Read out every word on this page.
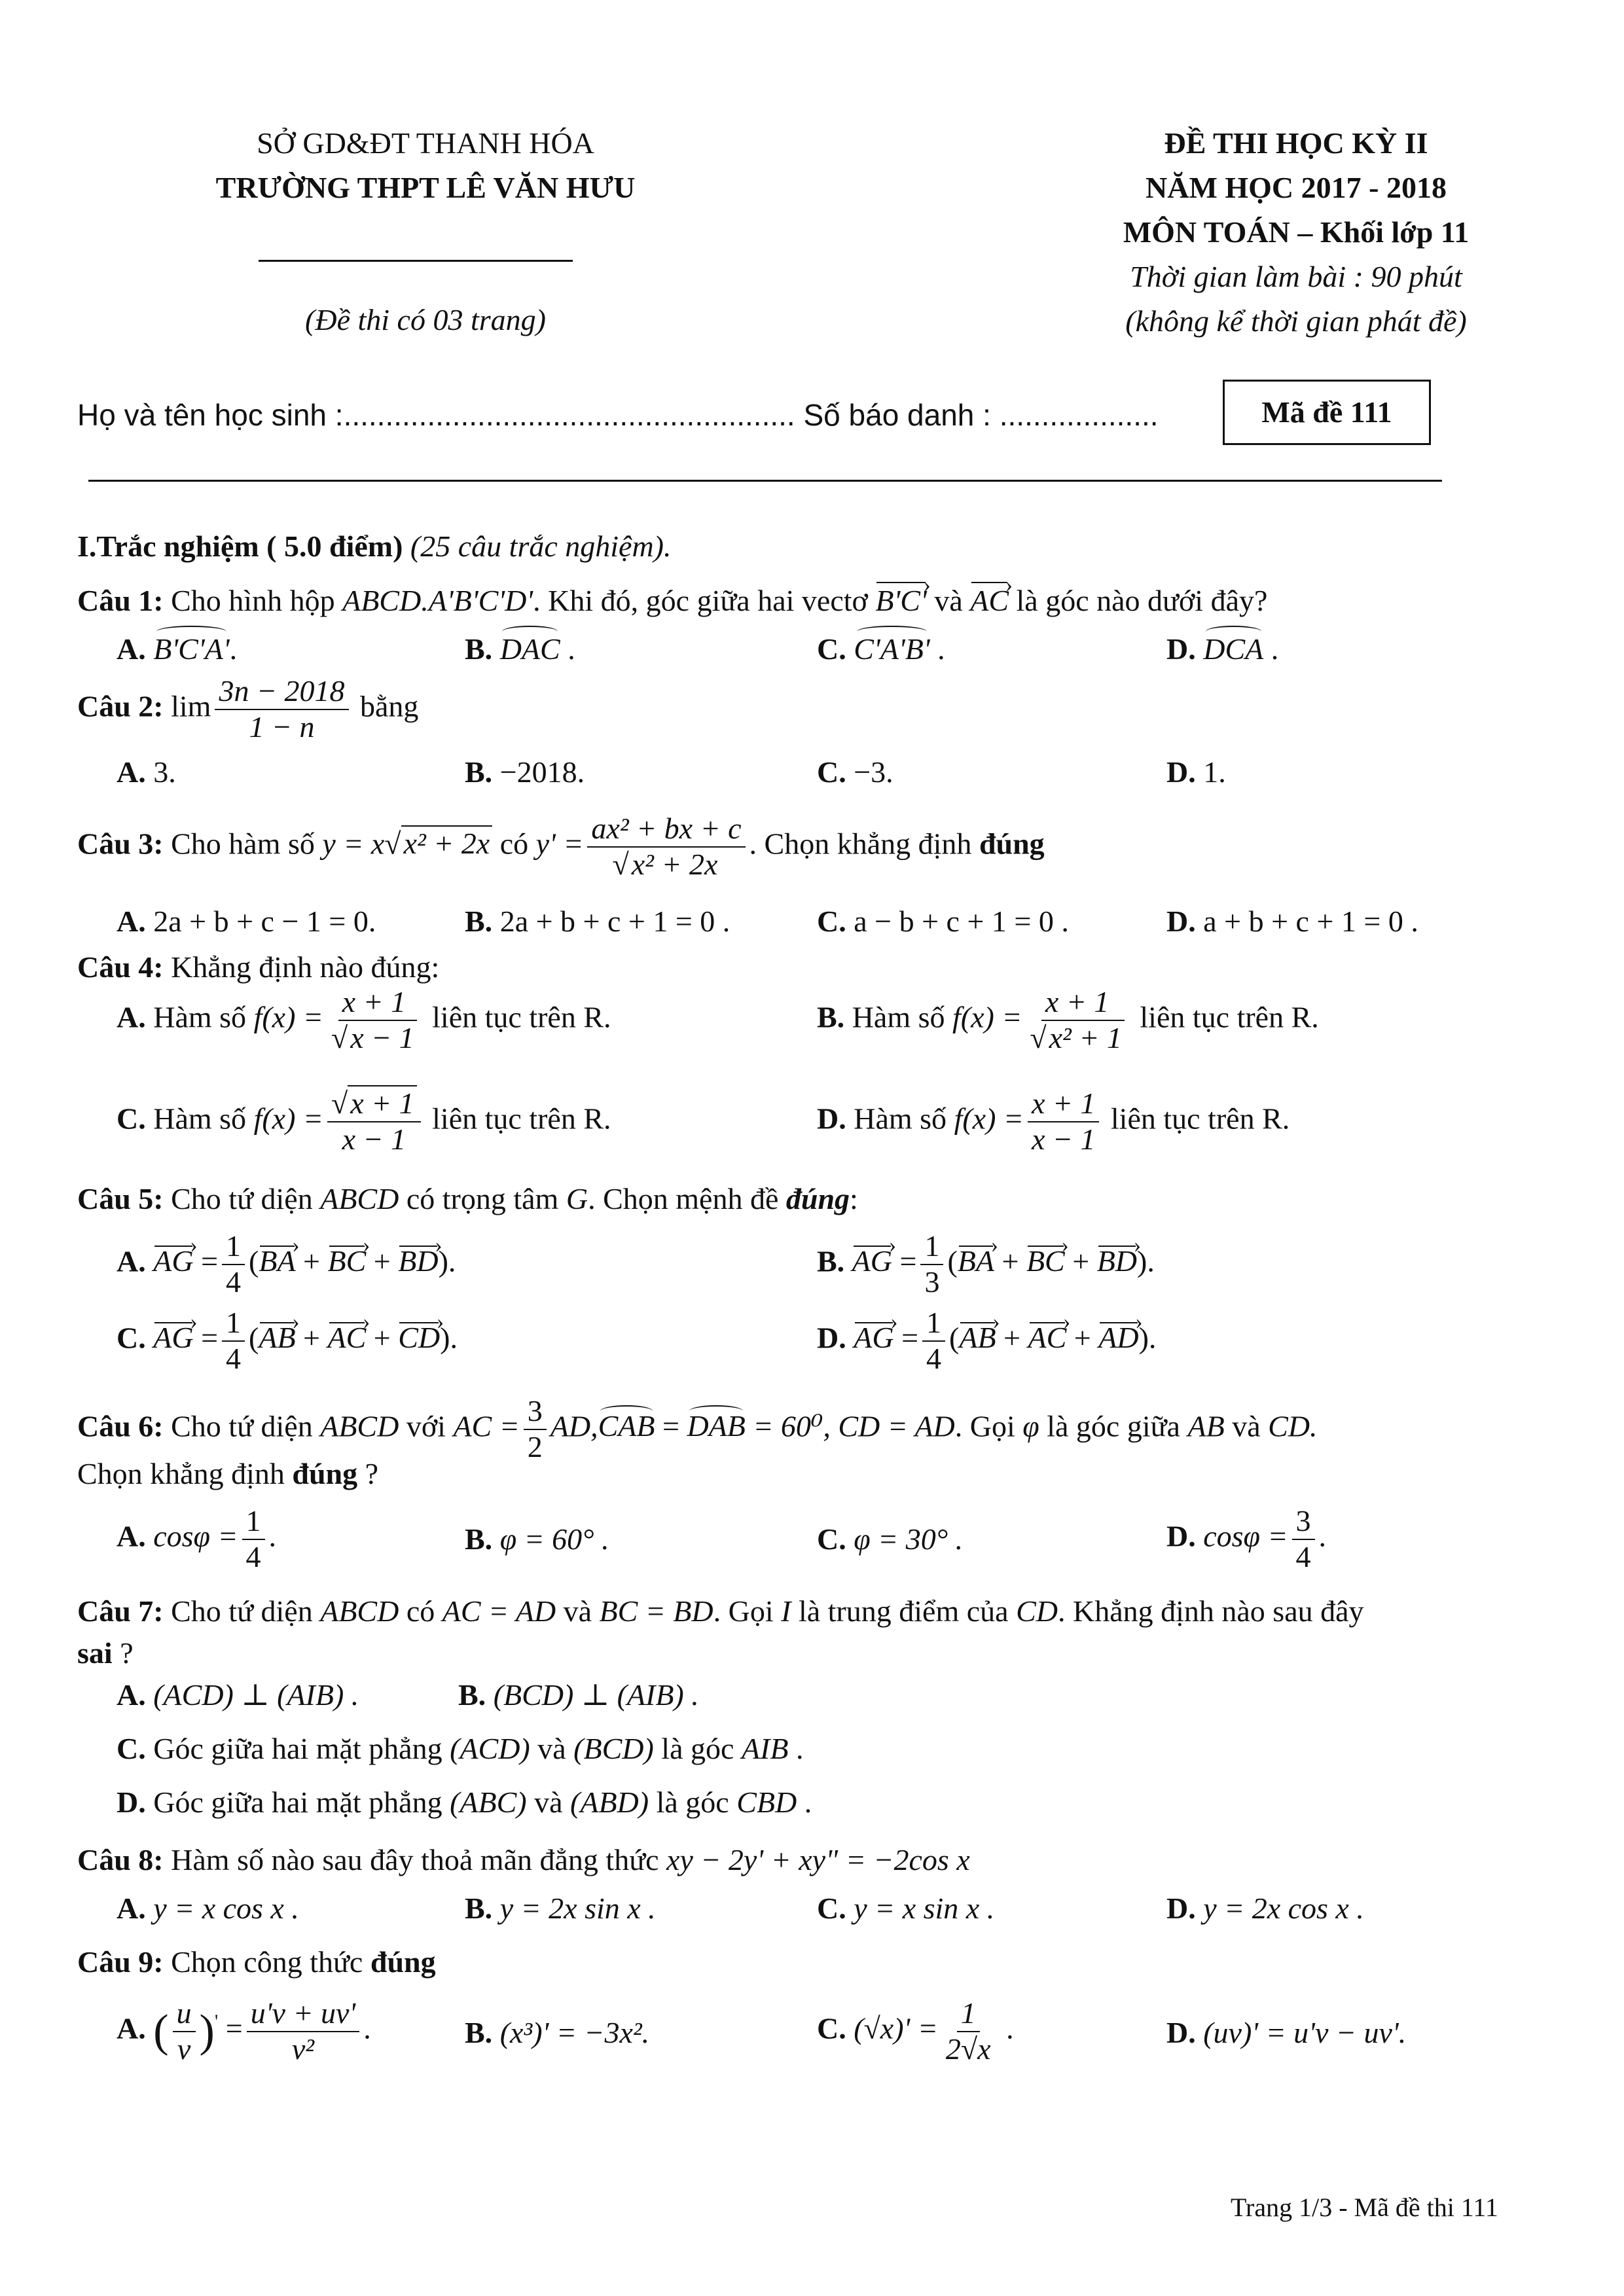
SỞ GD&ĐT THANH HÓA
TRƯỜNG THPT LÊ VĂN HƯU
(Đề thi có 03 trang)
ĐỀ THI HỌC KỲ II
NĂM HỌC 2017 - 2018
MÔN TOÁN – Khối lớp 11
Thời gian làm bài : 90 phút
(không kể thời gian phát đề)
Họ và tên học sinh :...................................................... Số báo danh : ...................	Mã đề 111
I.Trắc nghiệm ( 5.0 điểm) (25 câu trắc nghiệm).
Câu 1: Cho hình hộp ABCD.A'B'C'D'. Khi đó, góc giữa hai vectơ B'C' › và AC › là góc nào dưới đây?
A. B'C'A'.	B. DAC .	C. C'A'B' .	D. DCA .
Câu 2: $\lim \frac{3n - 2018}{1 - n}$ bằng
A. 3.	B. −2018.	C. −3.	D. 1.
Câu 3: Cho hàm số y = x√x² + 2x có $y' = \frac{\text{ax² + bx + c}}{\text{√x² + 2x}}$ . Chọn khẳng định đúng
A. 2a + b + c − 1 = 0.	B. 2a + b + c + 1 = 0 .	C. a − b + c + 1 = 0 .	D. a + b + c + 1 = 0 .
Câu 4: Khẳng định nào đúng:
A. Hàm số $f(x) = \frac{x + 1}{√x - 1}$ liên tục trên R.	B. Hàm số $f(x) = \frac{x + 1}{\text{√x² + 1}}$ liên tục trên R.
C. Hàm số $f(x) = \frac{√x + 1}{x - 1}$ liên tục trên R.	D. Hàm số $f(x) = \frac{x + 1}{x - 1}$ liên tục trên R.
Câu 5: Cho tứ diện ABCD có trọng tâm G. Chọn mệnh đề đúng:
A. AG › = $\frac{1}{4} (BA$ › + BC › + BD ›).	B. AG › = $\frac{1}{3} (BA$ › + BC › + BD ›).
C. AG › = $\frac{1}{4} (AB$ › + AC › + CD ›).	D. AG › = $\frac{1}{4} (AB$ › + AC › + AD ›).
Câu 6: Cho tứ diện ABCD với AC = $\frac{3}{2} AD,CAB$ = DAB = 60⁰, CD = AD. Gọi φ là góc giữa AB và CD.
Chọn khẳng định đúng ?
A. $\cos\varphi = \frac{1}{4}$ .	B. φ = 60° .	C. φ = 30° .	D. $\cos\varphi = \frac{3}{4}$ .
Câu 7: Cho tứ diện ABCD có AC = AD và BC = BD. Gọi I là trung điểm của CD. Khẳng định nào sau đây
sai ?
A. (ACD) ⊥ (AIB) .	B. (BCD) ⊥ (AIB) .
C. Góc giữa hai mặt phẳng (ACD) và (BCD) là góc AIB .
D. Góc giữa hai mặt phẳng (ABC) và (ABD) là góc CBD .
Câu 8: Hàm số nào sau đây thoả mãn đẳng thức xy − 2y' + xy" = −2cos x
A. y = x cos x .	B. y = 2x sin x .	C. y = x sin x .	D. y = 2x cos x .
Câu 9: Chọn công thức đúng
A. ( $\frac{u}{v} )' = \frac{u'v + uv'}{\text{v²}}$ .	B. (x³)' = −3x².	C. $(√x)' = \frac{1}{2√x}$ .	D. (uv)' = u'v − uv'.
Trang 1/3 - Mã đề thi 111
